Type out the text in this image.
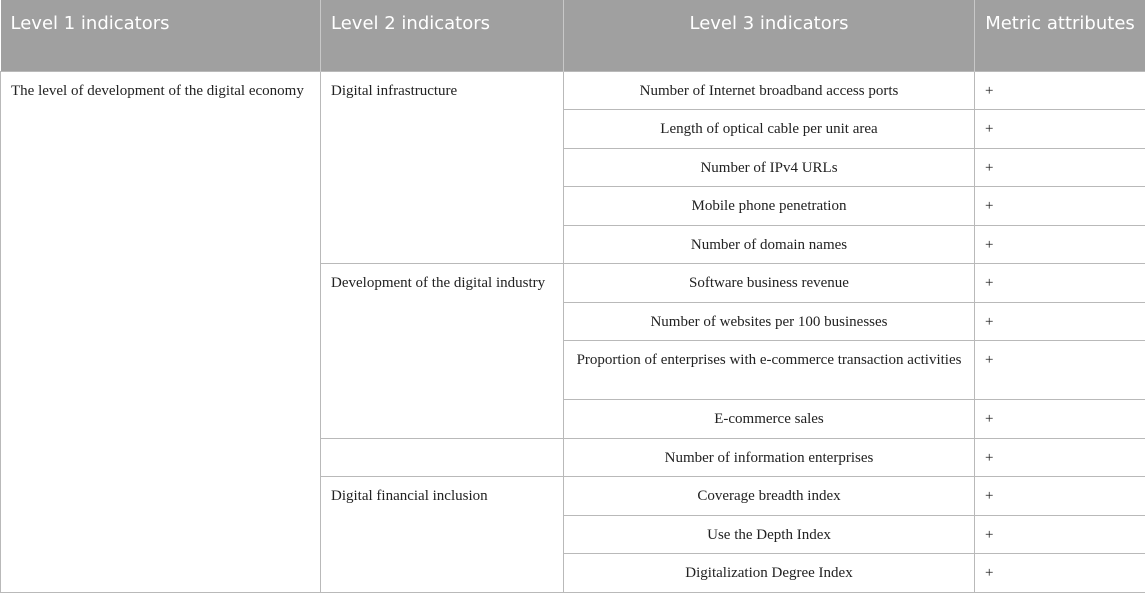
Level 1 indicators	Level 2 indicators	Level 3 indicators	Metric attributes
The level of development of the digital economy	Digital infrastructure	Number of Internet broadband access ports	+
		Length of optical cable per unit area	+
		Number of IPv4 URLs	+
		Mobile phone penetration	+
		Number of domain names	+
	Development of the digital industry	Software business revenue	+
		Number of websites per 100 businesses	+
		Proportion of enterprises with e-commerce transaction activities	+
		E-commerce sales	+
		Number of information enterprises	+
	Digital financial inclusion	Coverage breadth index	+
		Use the Depth Index	+
		Digitalization Degree Index	+
